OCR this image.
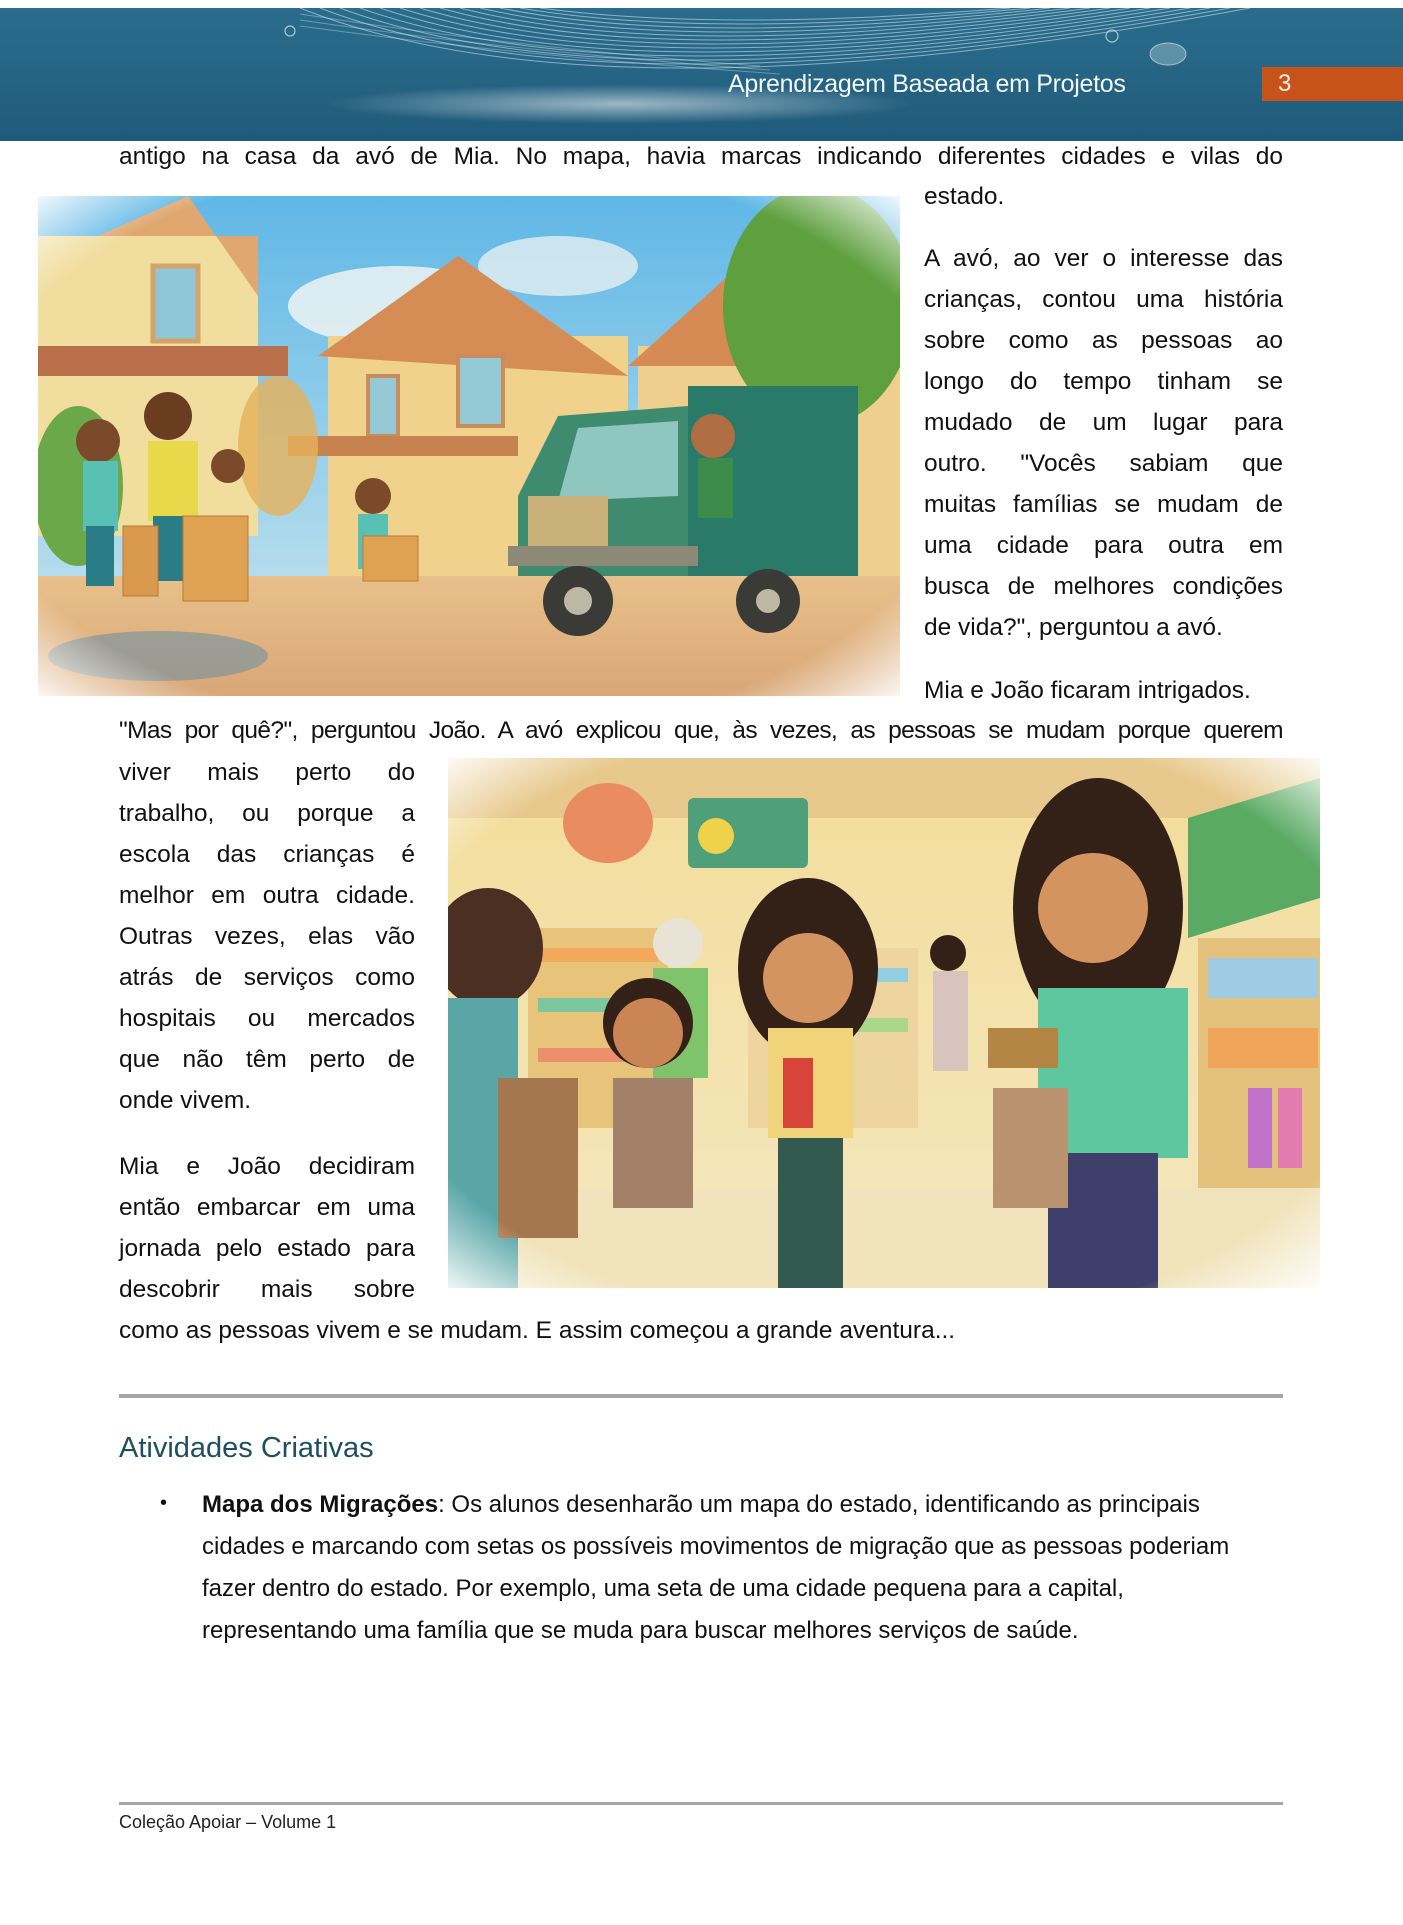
Aprendizagem Baseada em Projetos	3
antigo na casa da avó de Mia. No mapa, havia marcas indicando diferentes cidades e vilas do
estado.
A avó, ao ver o interesse das
crianças, contou uma história
sobre como as pessoas ao
longo do tempo tinham se
mudado de um lugar para
outro. "Vocês sabiam que
muitas famílias se mudam de
uma cidade para outra em
busca de melhores condições
de vida?", perguntou a avó.
Mia e João ficaram intrigados.
"Mas por quê?", perguntou João. A avó explicou que, às vezes, as pessoas se mudam porque querem
viver mais perto do
trabalho, ou porque a
escola das crianças é
melhor em outra cidade.
Outras vezes, elas vão
atrás de serviços como
hospitais ou mercados
que não têm perto de
onde vivem.
Mia e João decidiram
então embarcar em uma
jornada pelo estado para
descobrir mais sobre
como as pessoas vivem e se mudam. E assim começou a grande aventura...
Atividades Criativas
• Mapa dos Migrações: Os alunos desenharão um mapa do estado, identificando as principais cidades e marcando com setas os possíveis movimentos de migração que as pessoas poderiam fazer dentro do estado. Por exemplo, uma seta de uma cidade pequena para a capital, representando uma família que se muda para buscar melhores serviços de saúde.
Coleção Apoiar – Volume 1
